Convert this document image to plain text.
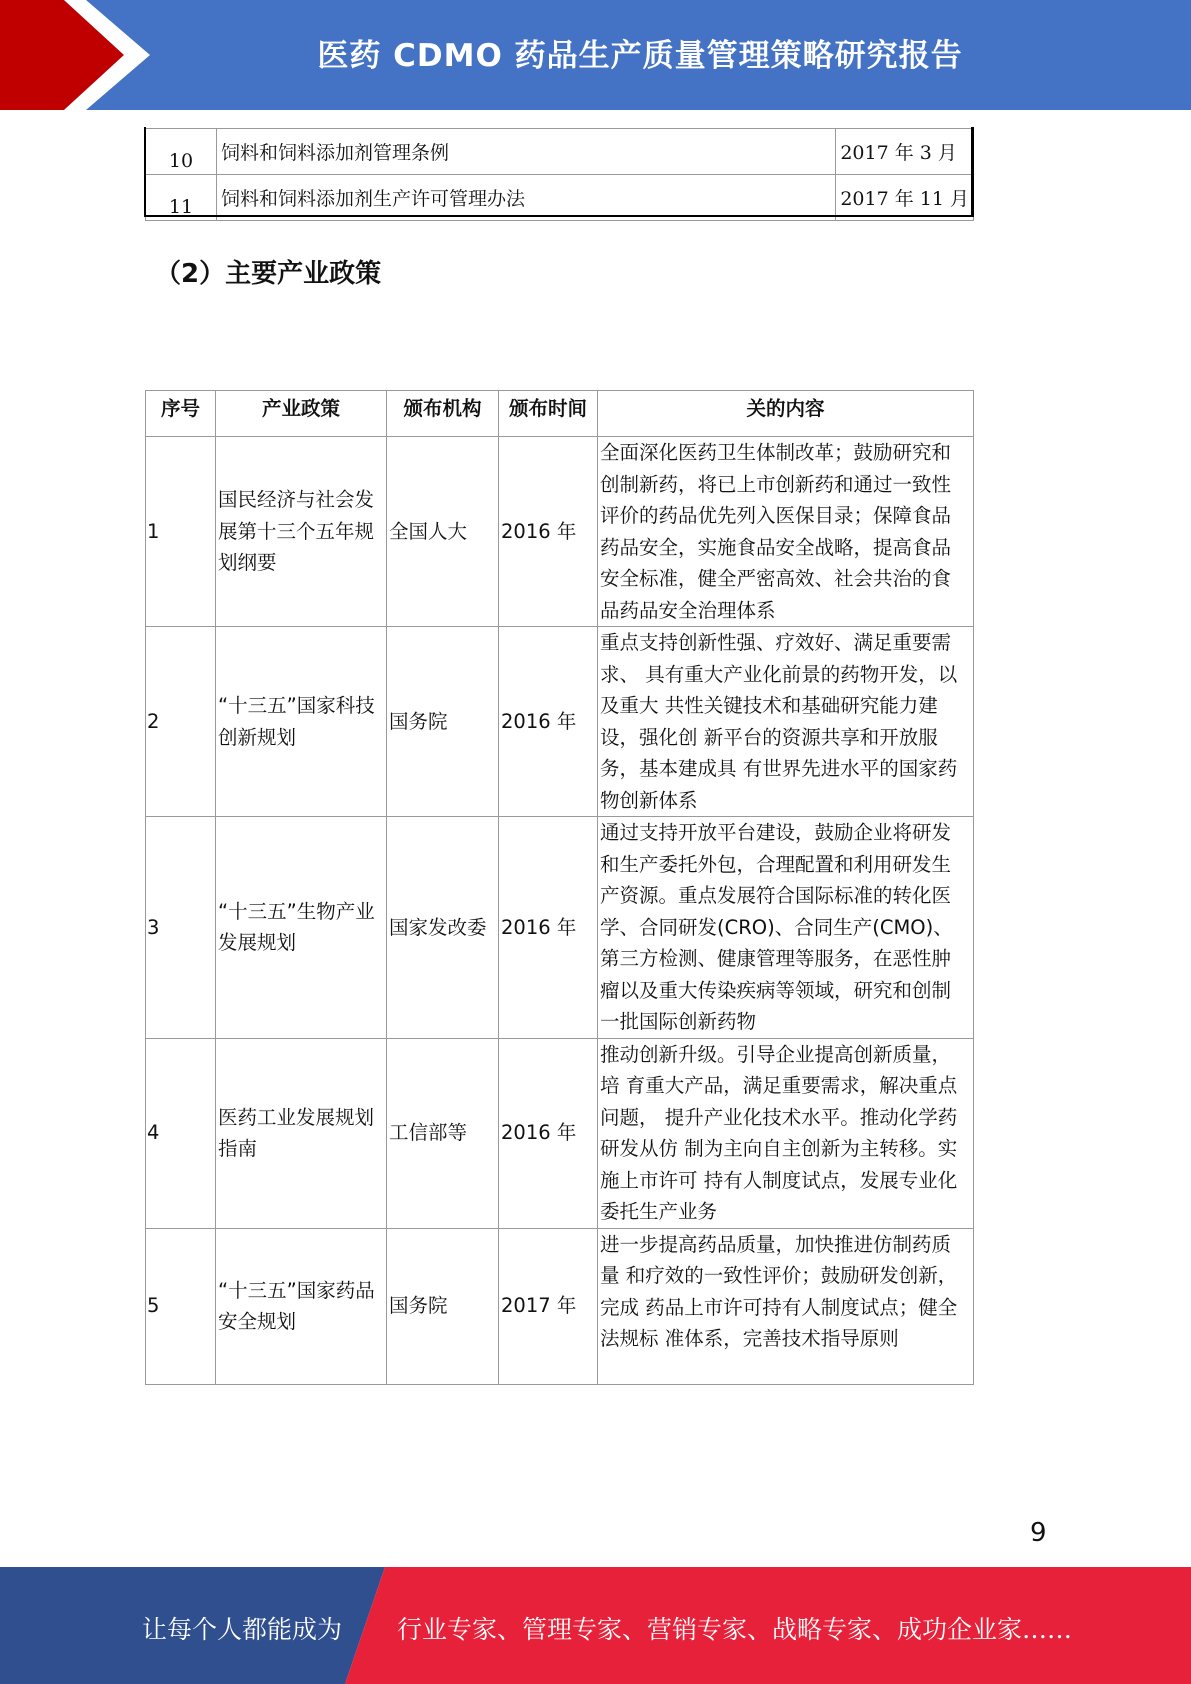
医药 CDMO 药品生产质量管理策略研究报告
10	饲料和饲料添加剂管理条例	2017 年 3 月
11	饲料和饲料添加剂生产许可管理办法	2017 年 11 月
（2）主要产业政策
序号	产业政策	颁布机构	颁布时间	关的内容
1	国民经济与社会发展第十三个五年规划纲要	全国人大	2016 年	全面深化医药卫生体制改革；鼓励研究和 创制新药，将已上市创新药和通过一致性 评价的药品优先列入医保目录；保障食品 药品安全，实施食品安全战略，提高食品 安全标准，健全严密高效、社会共治的食 品药品安全治理体系
2	“十三五”国家科技创新规划	国务院	2016 年	重点支持创新性强、疗效好、满足重要需求、 具有重大产业化前景的药物开发，以及重大 共性关键技术和基础研究能力建设，强化创 新平台的资源共享和开放服务，基本建成具 有世界先进水平的国家药物创新体系
3	“十三五”生物产业发展规划	国家发改委	2016 年	通过支持开放平台建设，鼓励企业将研发 和生产委托外包，合理配置和利用研发生 产资源。重点发展符合国际标准的转化医 学、合同研发(CRO)、合同生产(CMO)、 第三方检测、健康管理等服务，在恶性肿 瘤以及重大传染疾病等领域，研究和创制 一批国际创新药物
4	医药工业发展规划指南	工信部等	2016 年	推动创新升级。引导企业提高创新质量，培 育重大产品，满足重要需求，解决重点问题， 提升产业化技术水平。推动化学药研发从仿 制为主向自主创新为主转移。实施上市许可 持有人制度试点，发展专业化委托生产业务
5	“十三五”国家药品安全规划	国务院	2017 年	进一步提高药品质量，加快推进仿制药质量 和疗效的一致性评价；鼓励研发创新，完成 药品上市许可持有人制度试点；健全法规标 准体系，完善技术指导原则
9
让每个人都能成为 行业专家、管理专家、营销专家、战略专家、成功企业家……
